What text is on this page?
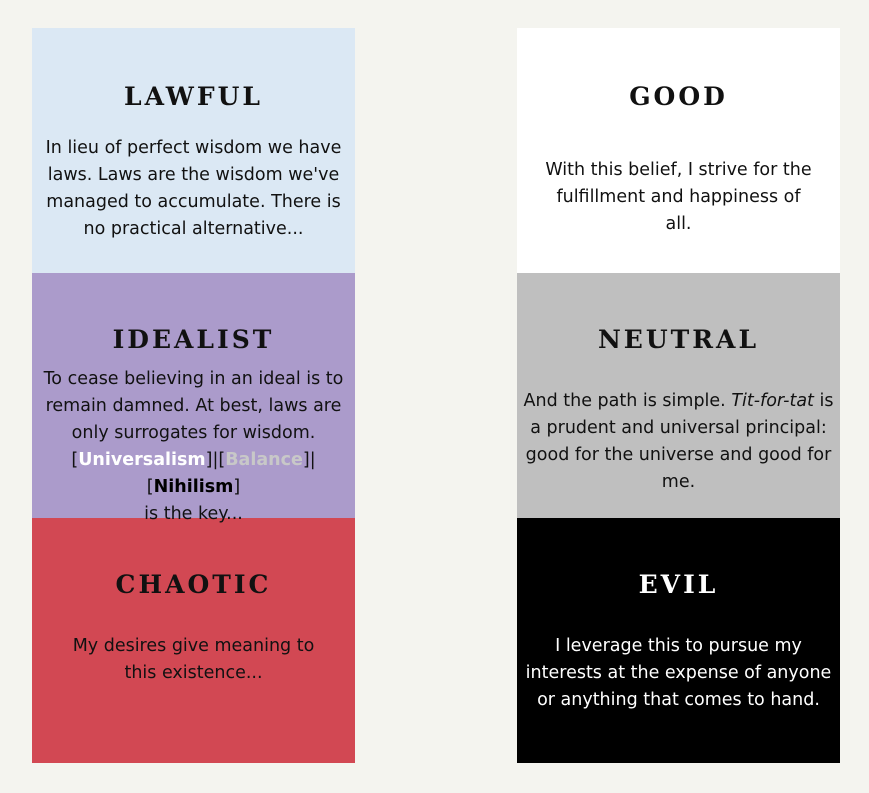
LAWFUL

In lieu of perfect wisdom we have laws. Laws are the wisdom we've managed to accumulate. There is no practical alternative...

IDEALIST

To cease believing in an ideal is to remain damned. At best, laws are only surrogates for wisdom.
[Universalism]|[Balance]|[Nihilism]
is the key...

CHAOTIC

My desires give meaning to this existence...

GOOD

With this belief, I strive for the fulfillment and happiness of all.

NEUTRAL

And the path is simple. Tit-for-tat is a prudent and universal principal: good for the universe and good for me.

EVIL

I leverage this to pursue my interests at the expense of anyone or anything that comes to hand.
